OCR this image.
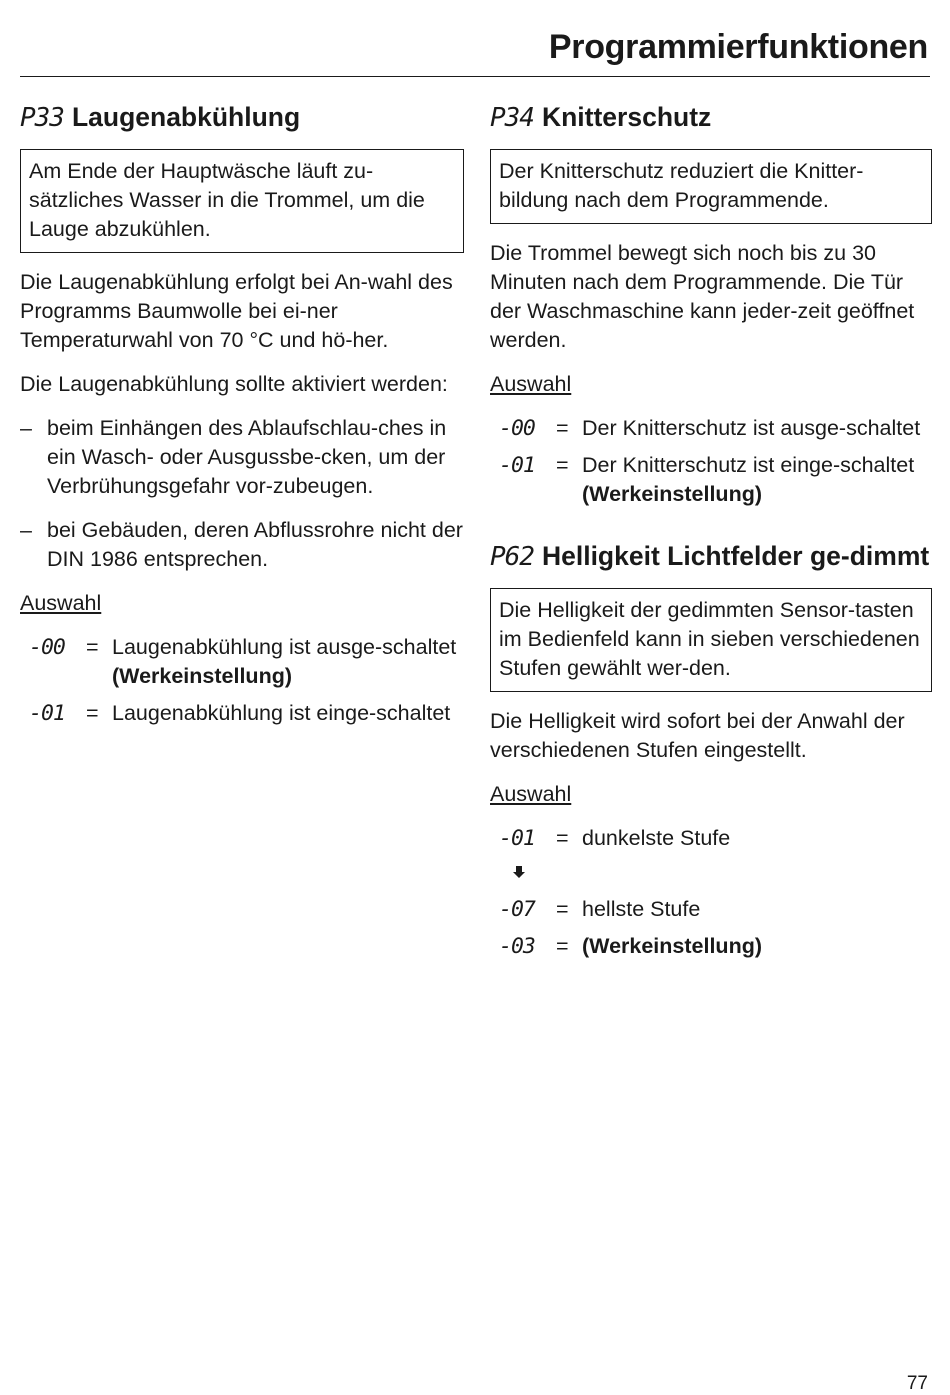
Programmierfunktionen
P33 Laugenabkühlung
Am Ende der Hauptwäsche läuft zu-sätzliches Wasser in die Trommel, um die Lauge abzukühlen.

Die Laugenabkühlung erfolgt bei An-wahl des Programms Baumwolle bei ei-ner Temperaturwahl von 70 °C und hö-her.

Die Laugenabkühlung sollte aktiviert werden:

– beim Einhängen des Ablaufschlau-ches in ein Wasch- oder Ausgussbe-cken, um der Verbrühungsgefahr vor-zubeugen.
– bei Gebäuden, deren Abflussrohre nicht der DIN 1986 entsprechen.
Auswahl
-00 = Laugenabkühlung ist ausge-schaltet (Werkeinstellung)
-01 = Laugenabkühlung ist einge-schaltet
P34 Knitterschutz
Der Knitterschutz reduziert die Knitter-bildung nach dem Programmende.

Die Trommel bewegt sich noch bis zu 30 Minuten nach dem Programmende. Die Tür der Waschmaschine kann jeder-zeit geöffnet werden.

Auswahl
-00 = Der Knitterschutz ist ausge-schaltet
-01 = Der Knitterschutz ist einge-schaltet (Werkeinstellung)
P62 Helligkeit Lichtfelder ge-dimmt
Die Helligkeit der gedimmten Sensor-tasten im Bedienfeld kann in sieben verschiedenen Stufen gewählt wer-den.

Die Helligkeit wird sofort bei der Anwahl der verschiedenen Stufen eingestellt.

Auswahl
-01 = dunkelste Stufe
-07 = hellste Stufe
-03 = (Werkeinstellung)
77
